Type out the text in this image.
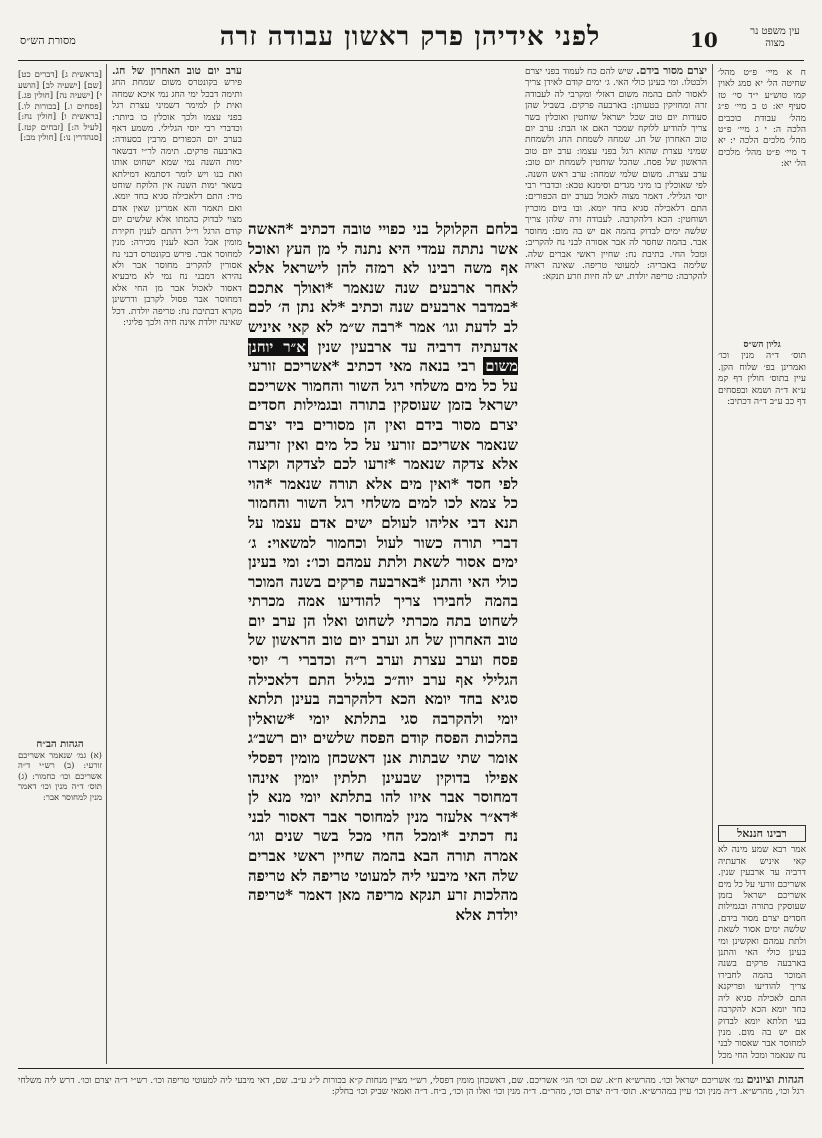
מסורת הש״ס	לפני אידיהן פרק ראשון עבודה זרה	10	עין משפט נר מצוה
ח א מיי׳ פ״ט מהל׳ שחיטה הל׳ יא סמג לאוין קמו טוש״ע י״ד סי׳ טז סעיף יא: ט ב מיי׳ פ״ג מהל׳ עבודת כוכבים הלכה ה: י ג מיי׳ פ״ט מהל׳ מלכים הלכה י: יא ד מיי׳ פ״ט מהל׳ מלכים הל׳ יא:
גליון הש״ס
תוס׳ ד״ה מנין וכו׳ ואמרינן בפ׳ שלוח הקן. עיין בתוס׳ חולין דף קמ ע״א ד״ה ושמא ובפסחים דף כב ע״ב ד״ה דכתיב:
רבינו חננאל
אמר רבא שמע מינה לא קאי איניש אדעתיה דרביה עד ארבעין שנין. אשריכם זורעי על כל מים אשריכם ישראל בזמן שעוסקין בתורה ובגמילות חסדים יצרם מסור בידם. שלשה ימים אסור לשאת ולתת עמהם ואקשינן ומי בעינן כולי האי והתנן בארבעה פרקים בשנה המוכר בהמה לחבירו צריך להודיעו ופריקנא התם לאכילה סגיא ליה בחד יומא הכא להקרבה בעי תלתא יומא לבדוק אם יש בה מום. מנין למחוסר אבר שאסור לבני נח שנאמר ומכל החי מכל
יצרם מסור בידם. שיש להם כח לעמוד בפני יצרם ולבטלו. ומי בעינן כולי האי. ג׳ ימים קודם לאידן צריך לאסור להם בהמה משום דאזלי ומקרבי לה לעבודה זרה ומחזיקין בטעותן: בארבעה פרקים. בשביל שהן סעודות יום טוב שכל ישראל שוחטין ואוכלין בשר צריך להודיע ללוקח שמכר האם או הבת: ערב יום טוב האחרון של חג. שמחה לשמחת החג ולשמחת שמיני עצרת שהוא רגל בפני עצמו: ערב יום טוב הראשון של פסח. שהכל שוחטין לשמחת יום טוב: ערב עצרת. משום שלמי שמחה: ערב ראש השנה. לפי שאוכלין בו מיני מגדים וסימנא טבא: וכדברי רבי יוסי הגלילי. דאמר מצוה לאכול בערב יום הכפורים: התם דלאכילה סגיא בחד יומא. ובו ביום מוכרין ושוחטין: הכא דלהקרבה. לעבודה זרה שלהן צריך שלשה ימים לבדוק בהמה אם יש בה מום: מחוסר אבר. בהמה שחסר לה אבר אסורה לבני נח להקריב: ומכל החי. בתיבת נח: שחיין ראשי אברים שלה. שלימה באבריה: למעוטי טריפה. שאינה ראויה להקרבה: טריפה יולדת. יש לה חיות וזרע תנקא:
בלחם הקלוקל בני כפויי טובה דכתיב *האשה אשר נתתה עמדי היא נתנה לי מן העץ ואוכל אף משה רבינו לא רמזה להן לישראל אלא לאחר ארבעים שנה שנאמר *ואולך אתכם *במדבר ארבעים שנה וכתיב *לא נתן ה׳ לכם לב לדעת וגו׳ אמר *רבה ש״מ לא קאי איניש אדעתיה דרביה עד ארבעין שנין א״ר יוחנן משום רבי בנאה מאי דכתיב *אשריכם זורעי על כל מים משלחי רגל השור והחמור אשריכם ישראל בזמן שעוסקין בתורה ובגמילות חסדים יצרם מסור בידם ואין הן מסורים ביד יצרם שנאמר אשריכם זורעי על כל מים ואין זריעה אלא צדקה שנאמר *זרעו לכם לצדקה וקצרו לפי חסד *ואין מים אלא תורה שנאמר *הוי כל צמא לכו למים משלחי רגל השור והחמור תנא דבי אליהו לעולם ישים אדם עצמו על דברי תורה כשור לעול וכחמור למשאוי: ג׳ ימים אסור לשאת ולתת עמהם וכו׳: ומי בעינן כולי האי והתנן *בארבעה פרקים בשנה המוכר בהמה לחבירו צריך להודיעו אמה מכרתי לשחוט בתה מכרתי לשחוט ואלו הן ערב יום טוב האחרון של חג וערב יום טוב הראשון של פסח וערב עצרת וערב ר״ה וכדברי ר׳ יוסי הגלילי אף ערב יוה״כ בגליל התם דלאכילה סגיא בחד יומא הכא דלהקרבה בעינן תלתא יומי ולהקרבה סגי בתלתא יומי *שואלין בהלכות הפסח קודם הפסח שלשים יום רשב״ג אומר שתי שבתות אנן דאשכחן מומין דפסלי אפילו בדוקין שבעינן תלתין יומין אינהו דמחוסר אבר איזו להו בתלתא יומי מנא לן *דא״ר אלעזר מנין למחוסר אבר דאסור לבני נח דכתיב *ומכל החי מכל בשר שנים וגו׳ אמרה תורה הבא בהמה שחיין ראשי אברים שלה האי מיבעי ליה למעוטי טריפה לא טריפה מהלכות זרע תנקא מריפה מאן דאמר *טריפה יולדת אלא
ערב יום טוב האחרון של חג. פירש בקונטרס משום שמחת החג ותימה דבכל ימי החג נמי איכא שמחה ואית לן למימר דשמיני עצרת רגל בפני עצמו ולכך אוכלין בו ביותר: וכדברי רבי יוסי הגלילי. משמע דאף בערב יום הכפורים מרבין בסעודה: בארבעה פרקים. תימה לר״י דבשאר ימות השנה נמי שמא ישחוט אותו ואת בנו ויש לומר דסתמא דמילתא בשאר ימות השנה אין הלוקח שוחט מיד: התם דלאכילה סגיא בחד יומא. ואם תאמר והא אמרינן שאין אדם מצוי לבדוק בהמתו אלא שלשים יום קודם הרגל וי״ל דהתם לענין חקירת מומין אבל הכא לענין מכירה: מנין למחוסר אבר. פירש בקונטרס דבני נח אסורין להקריב מחוסר אבר ולא נהירא דמבני נח נמי לא מיבעיא דאסור לאכול אבר מן החי אלא דמחוסר אבר פסול לקרבן ודרשינן מקרא דבתיבת נח: טריפה יולדת. דכל שאינה יולדת אינה חיה ולכך פליגי:
[בראשית ג] [דברים כט] [שם] [ישעיה לב] [הושע י] [ישעיה נה] [חולין פג.] [פסחים ו.] [בכורות לו.] [בראשית ו] [חולין נח:] [לעיל ה:] [זבחים קטז.] [סנהדרין נו:] [חולין מב:]
הגהות הב״ח
(א) גמ׳ שנאמר אשריכם זורעי: (ב) רש״י ד״ה אשריכם וכו׳ כחמור: (ג) תוס׳ ד״ה מנין וכו׳ דאמר מנין למחוסר אבר:
הגהות וציונים גמ׳ אשריכם ישראל וכו׳. מהרש״א ח״א. שם וכו׳ הגי׳ אשריכם. שם, דאשכחן מומין דפסלי, רש״י מציין מנחות ק״א בכורות ל״ג ע״ב. שם, דאי מיבעי ליה למעוטי טריפה וכו׳. רש״י ד״ה יצרם וכו׳. דרש ליה משלחי רגל וכו׳, מהרש״א. ד״ה מנין וכו׳ עיין במהרש״א. תוס׳ ד״ה יצרם וכו׳, מהר״ם. ד״ה מנין וכו׳ ואלו הן וכו׳, ב״ח. ד״ה ואמאי שביק וכו׳ בחלק:
